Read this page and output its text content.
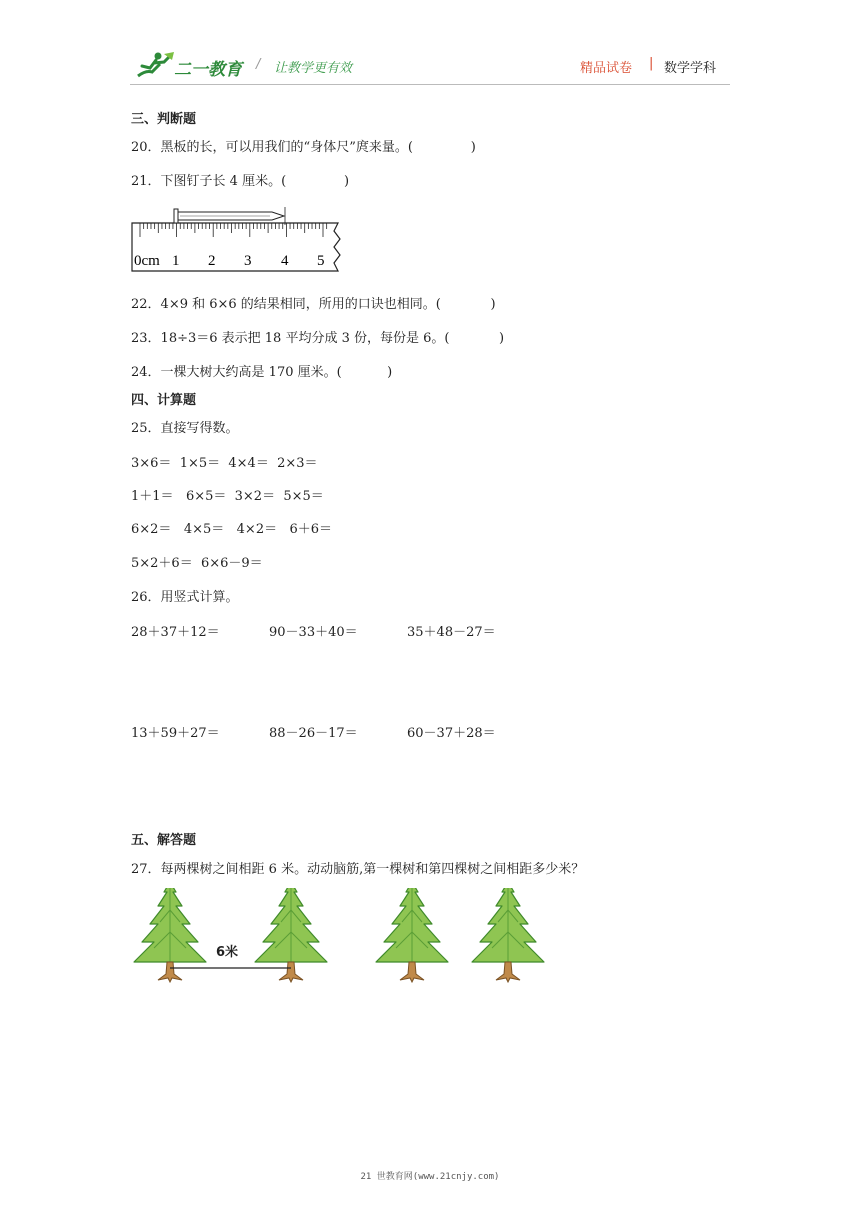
二一教育 / 让教学更有效	精品试卷 | 数学学科
三、判断题
20．黑板的长，可以用我们的“身体尺”庹来量。(              )
21．下图钉子长 4 厘米。(              )
0cm 1 2 3 4 5
22．4×9 和 6×6 的结果相同，所用的口诀也相同。(            )
23．18÷3＝6 表示把 18 平均分成 3 份，每份是 6。(            )
24．一棵大树大约高是 170 厘米。(           )
四、计算题
25．直接写得数。
3×6＝  1×5＝  4×4＝  2×3＝
1＋1＝   6×5＝  3×2＝  5×5＝
6×2＝   4×5＝   4×2＝   6＋6＝
5×2＋6＝  6×6－9＝
26．用竖式计算。
28＋37＋12＝	90－33＋40＝	35＋48－27＝
13＋59＋27＝	88－26－17＝	60－37＋28＝
五、解答题
27．每两棵树之间相距 6 米。动动脑筋,第一棵树和第四棵树之间相距多少米？
6米
21 世教育网(www.21cnjy.com)
